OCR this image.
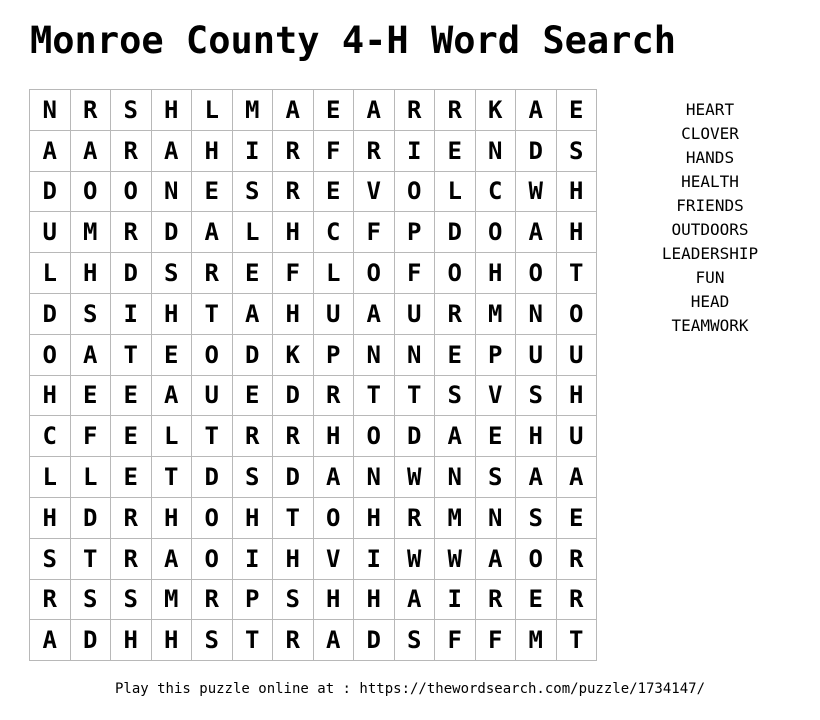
Monroe County 4-H Word Search
N	R	S	H	L	M	A	E	A	R	R	K	A	E
A	A	R	A	H	I	R	F	R	I	E	N	D	S
D	O	O	N	E	S	R	E	V	O	L	C	W	H
U	M	R	D	A	L	H	C	F	P	D	O	A	H
L	H	D	S	R	E	F	L	O	F	O	H	O	T
D	S	I	H	T	A	H	U	A	U	R	M	N	O
O	A	T	E	O	D	K	P	N	N	E	P	U	U
H	E	E	A	U	E	D	R	T	T	S	V	S	H
C	F	E	L	T	R	R	H	O	D	A	E	H	U
L	L	E	T	D	S	D	A	N	W	N	S	A	A
H	D	R	H	O	H	T	O	H	R	M	N	S	E
S	T	R	A	O	I	H	V	I	W	W	A	O	R
R	S	S	M	R	P	S	H	H	A	I	R	E	R
A	D	H	H	S	T	R	A	D	S	F	F	M	T
HEART
CLOVER
HANDS
HEALTH
FRIENDS
OUTDOORS
LEADERSHIP
FUN
HEAD
TEAMWORK
Play this puzzle online at : https://thewordsearch.com/puzzle/1734147/
